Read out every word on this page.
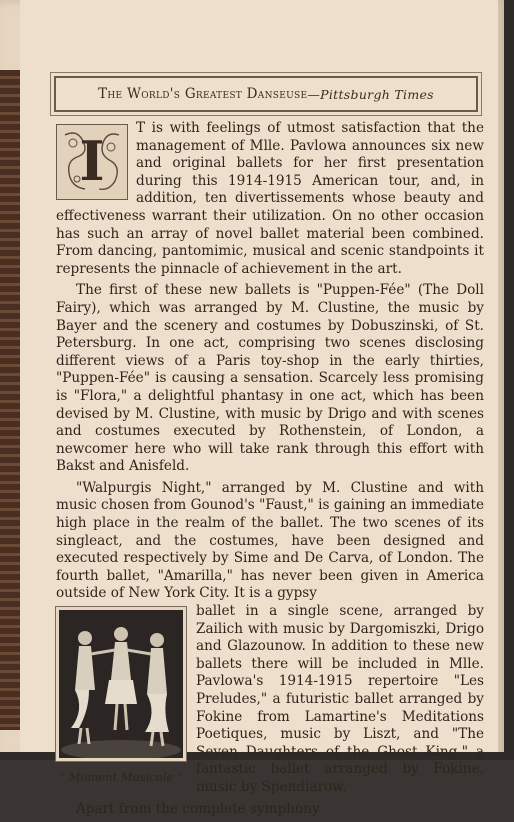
The World's Greatest Danseuse — Pittsburgh Times
I

T is with feelings of utmost satisfaction that the management of Mlle. Pavlowa announces six new and original ballets for her first presentation during this 1914-1915 American tour, and, in addition, ten divertissements whose beauty and effectiveness warrant their utilization. On no other occasion has such an array of novel ballet material been combined. From dancing, pantomimic, musical and scenic standpoints it represents the pinnacle of achievement in the art.

The first of these new ballets is "Puppen-Fée" (The Doll Fairy), which was arranged by M. Clustine, the music by Bayer and the scenery and costumes by Dobuszinski, of St. Petersburg. In one act, comprising two scenes disclosing different views of a Paris toy-shop in the early thirties, "Puppen-Fée" is causing a sensation. Scarcely less promising is "Flora," a delightful phantasy in one act, which has been devised by M. Clustine, with music by Drigo and with scenes and costumes executed by Rothenstein, of London, a newcomer here who will take rank through this effort with Bakst and Anisfeld.

"Walpurgis Night," arranged by M. Clustine and with music chosen from Gounod's "Faust," is gaining an immediate high place in the realm of the ballet. The two scenes of its singleact, and the costumes, have been designed and executed respectively by Sime and De Carva, of London. The fourth ballet, "Amarilla," has never been given in America outside of New York City. It is a gypsy

“ Moment Musicale ”

ballet in a single scene, arranged by Zailich with music by Dargomiszki, Drigo and Glazounow. In addition to these new ballets there will be included in Mlle. Pavlowa's 1914-1915 repertoire "Les Preludes," a futuristic ballet arranged by Fokine from Lamartine's Meditations Poetiques, music by Liszt, and "The Seven Daughters of the Ghost King," a fantastic ballet arranged by Fokine, music by Spendiarow.

Apart from the complete symphony
